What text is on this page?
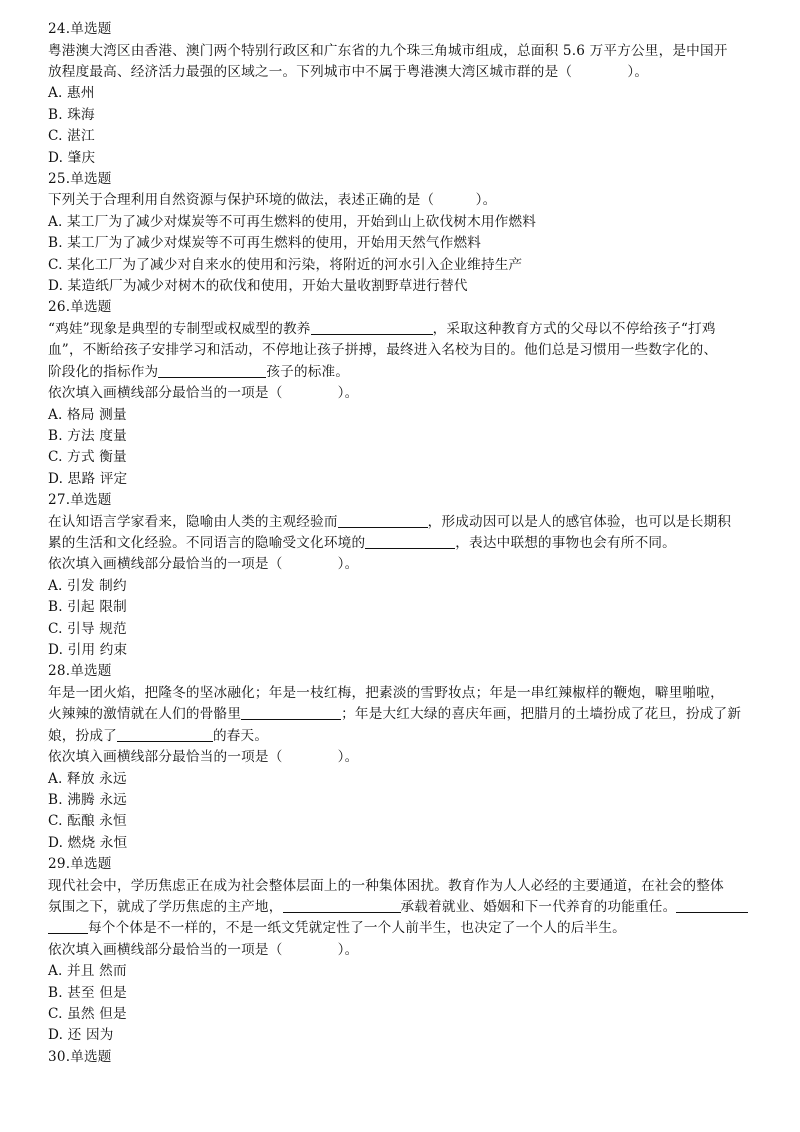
24.单选题
粤港澳大湾区由香港、澳门两个特别行政区和广东省的九个珠三角城市组成，总面积 5.6 万平方公里，是中国开
放程度最高、经济活力最强的区域之一。下列城市中不属于粤港澳大湾区城市群的是（　　　　）。
A. 惠州
B. 珠海
C. 湛江
D. 肇庆
25.单选题
下列关于合理利用自然资源与保护环境的做法，表述正确的是（　　　）。
A. 某工厂为了减少对煤炭等不可再生燃料的使用，开始到山上砍伐树木用作燃料
B. 某工厂为了减少对煤炭等不可再生燃料的使用，开始用天然气作燃料
C. 某化工厂为了减少对自来水的使用和污染，将附近的河水引入企业维持生产
D. 某造纸厂为减少对树木的砍伐和使用，开始大量收割野草进行替代
26.单选题
“鸡娃”现象是典型的专制型或权威型的教养	，采取这种教育方式的父母以不停给孩子“打鸡
血”，不断给孩子安排学习和活动，不停地让孩子拼搏，最终进入名校为目的。他们总是习惯用一些数字化的、
阶段化的指标作为	孩子的标准。
依次填入画横线部分最恰当的一项是（　　　　）。
A. 格局 测量
B. 方法 度量
C. 方式 衡量
D. 思路 评定
27.单选题
在认知语言学家看来，隐喻由人类的主观经验而	，形成动因可以是人的感官体验，也可以是长期积
累的生活和文化经验。不同语言的隐喻受文化环境的	，表达中联想的事物也会有所不同。
依次填入画横线部分最恰当的一项是（　　　　）。
A. 引发 制约
B. 引起 限制
C. 引导 规范
D. 引用 约束
28.单选题
年是一团火焰，把隆冬的坚冰融化；年是一枝红梅，把素淡的雪野妆点；年是一串红辣椒样的鞭炮，噼里啪啦，
火辣辣的激情就在人们的骨骼里	；年是大红大绿的喜庆年画，把腊月的土墙扮成了花旦，扮成了新
娘，扮成了	的春天。
依次填入画横线部分最恰当的一项是（　　　　）。
A. 释放 永远
B. 沸腾 永远
C. 酝酿 永恒
D. 燃烧 永恒
29.单选题
现代社会中，学历焦虑正在成为社会整体层面上的一种集体困扰。教育作为人人必经的主要通道，在社会的整体
氛围之下，就成了学历焦虑的主产地，	承载着就业、婚姻和下一代养育的功能重任。
每个个体是不一样的，不是一纸文凭就定性了一个人前半生，也决定了一个人的后半生。
依次填入画横线部分最恰当的一项是（　　　　）。
A. 并且 然而
B. 甚至 但是
C. 虽然 但是
D. 还 因为
30.单选题
